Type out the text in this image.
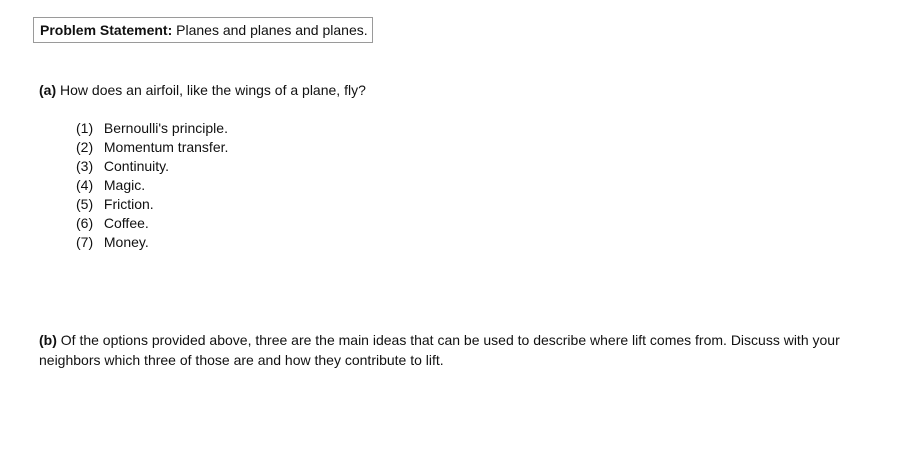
Problem Statement: Planes and planes and planes.
(a) How does an airfoil, like the wings of a plane, fly?
(1) Bernoulli's principle.
(2) Momentum transfer.
(3) Continuity.
(4) Magic.
(5) Friction.
(6) Coffee.
(7) Money.
(b) Of the options provided above, three are the main ideas that can be used to describe where lift comes from. Discuss with your neighbors which three of those are and how they contribute to lift.
